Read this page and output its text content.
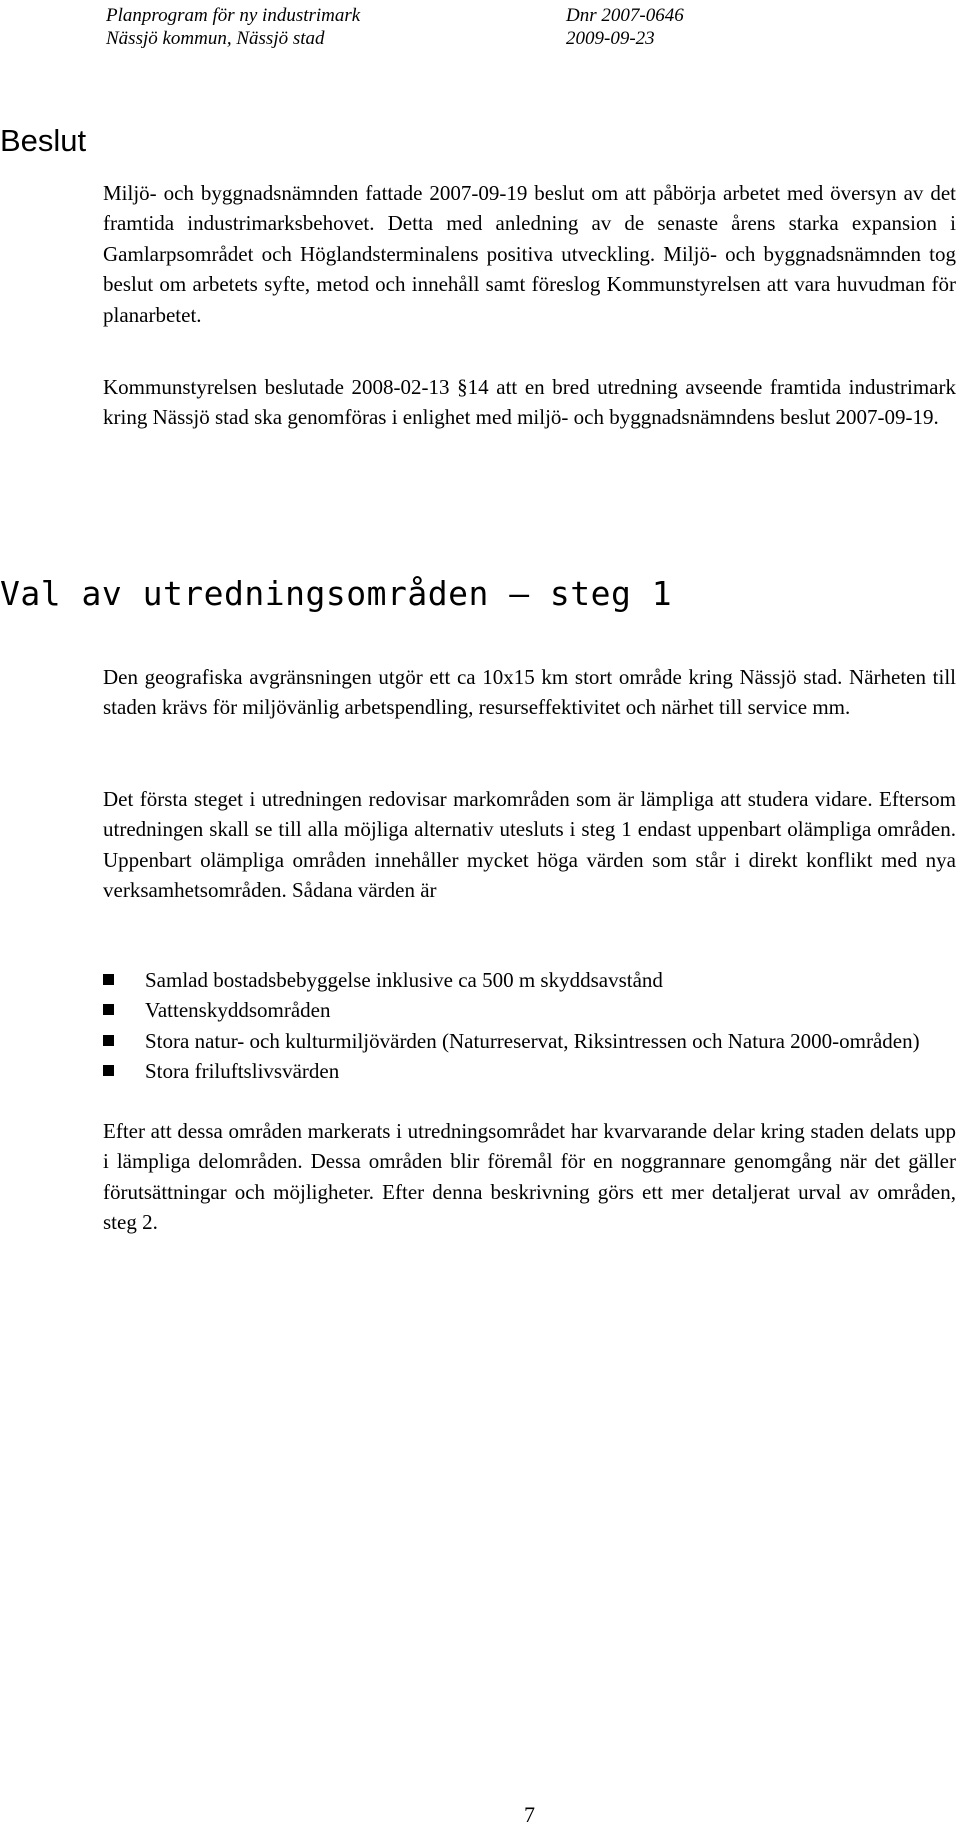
Planprogram för ny industrimark	Dnr 2007-0646
Nässjö kommun, Nässjö stad	2009-09-23
Beslut

Miljö- och byggnadsnämnden fattade 2007-09-19 beslut om att påbörja arbetet med översyn av det framtida industrimarksbehovet. Detta med anledning av de senaste årens starka expansion i Gamlarpsområdet och Höglandsterminalens positiva utveckling. Miljö- och byggnadsnämnden tog beslut om arbetets syfte, metod och innehåll samt föreslog Kommunstyrelsen att vara huvudman för planarbetet.

Kommunstyrelsen beslutade 2008-02-13 §14 att en bred utredning avseende framtida industrimark kring Nässjö stad ska genomföras i enlighet med miljö- och byggnadsnämndens beslut 2007-09-19.

Val av utredningsområden – steg 1

Den geografiska avgränsningen utgör ett ca 10x15 km stort område kring Nässjö stad. Närheten till staden krävs för miljövänlig arbetspendling, resurseffektivitet och närhet till service mm.

Det första steget i utredningen redovisar markområden som är lämpliga att studera vidare. Eftersom utredningen skall se till alla möjliga alternativ utesluts i steg 1 endast uppenbart olämpliga områden. Uppenbart olämpliga områden innehåller mycket höga värden som står i direkt konflikt med nya verksamhetsområden. Sådana värden är

Samlad bostadsbebyggelse inklusive ca 500 m skyddsavstånd
Vattenskyddsområden
Stora natur- och kulturmiljövärden (Naturreservat, Riksintressen och Natura 2000-områden)
Stora friluftslivsvärden

Efter att dessa områden markerats i utredningsområdet har kvarvarande delar kring staden delats upp i lämpliga delområden. Dessa områden blir föremål för en noggrannare genomgång när det gäller förutsättningar och möjligheter. Efter denna beskrivning görs ett mer detaljerat urval av områden, steg 2.

7
